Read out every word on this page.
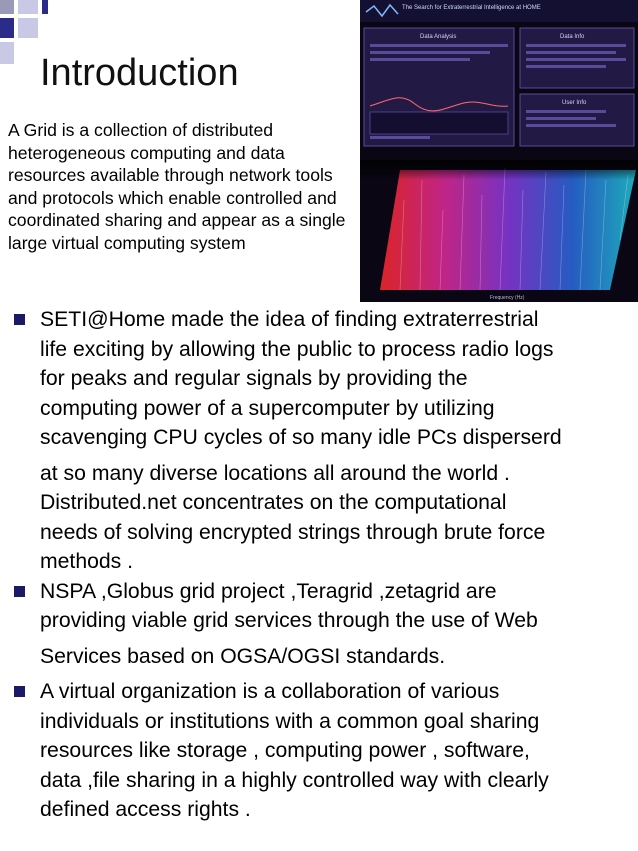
Introduction
A Grid is a collection of distributed heterogeneous computing and data resources available through network tools and protocols which enable controlled and coordinated sharing and appear as a single large virtual computing system
The Search for Extraterrestrial Intelligence at HOME
Data Analysis	Data Info
User Info
Frequency (Hz)
SETI@Home made the idea of finding extraterrestrial
life exciting by allowing the public to process radio logs
for peaks and regular signals by providing the
computing power of a supercomputer by utilizing
scavenging CPU cycles of so many idle PCs disperserd
at so many diverse locations all around the world .
Distributed.net concentrates on the computational
needs of solving encrypted strings through brute force
methods .
NSPA ,Globus grid project ,Teragrid ,zetagrid are
providing viable grid services through the use of Web
Services based on OGSA/OGSI standards.
A virtual organization is a collaboration of various
individuals or institutions with a common goal sharing
resources like storage , computing power , software,
data ,file sharing in a highly controlled way with clearly
defined access rights .
